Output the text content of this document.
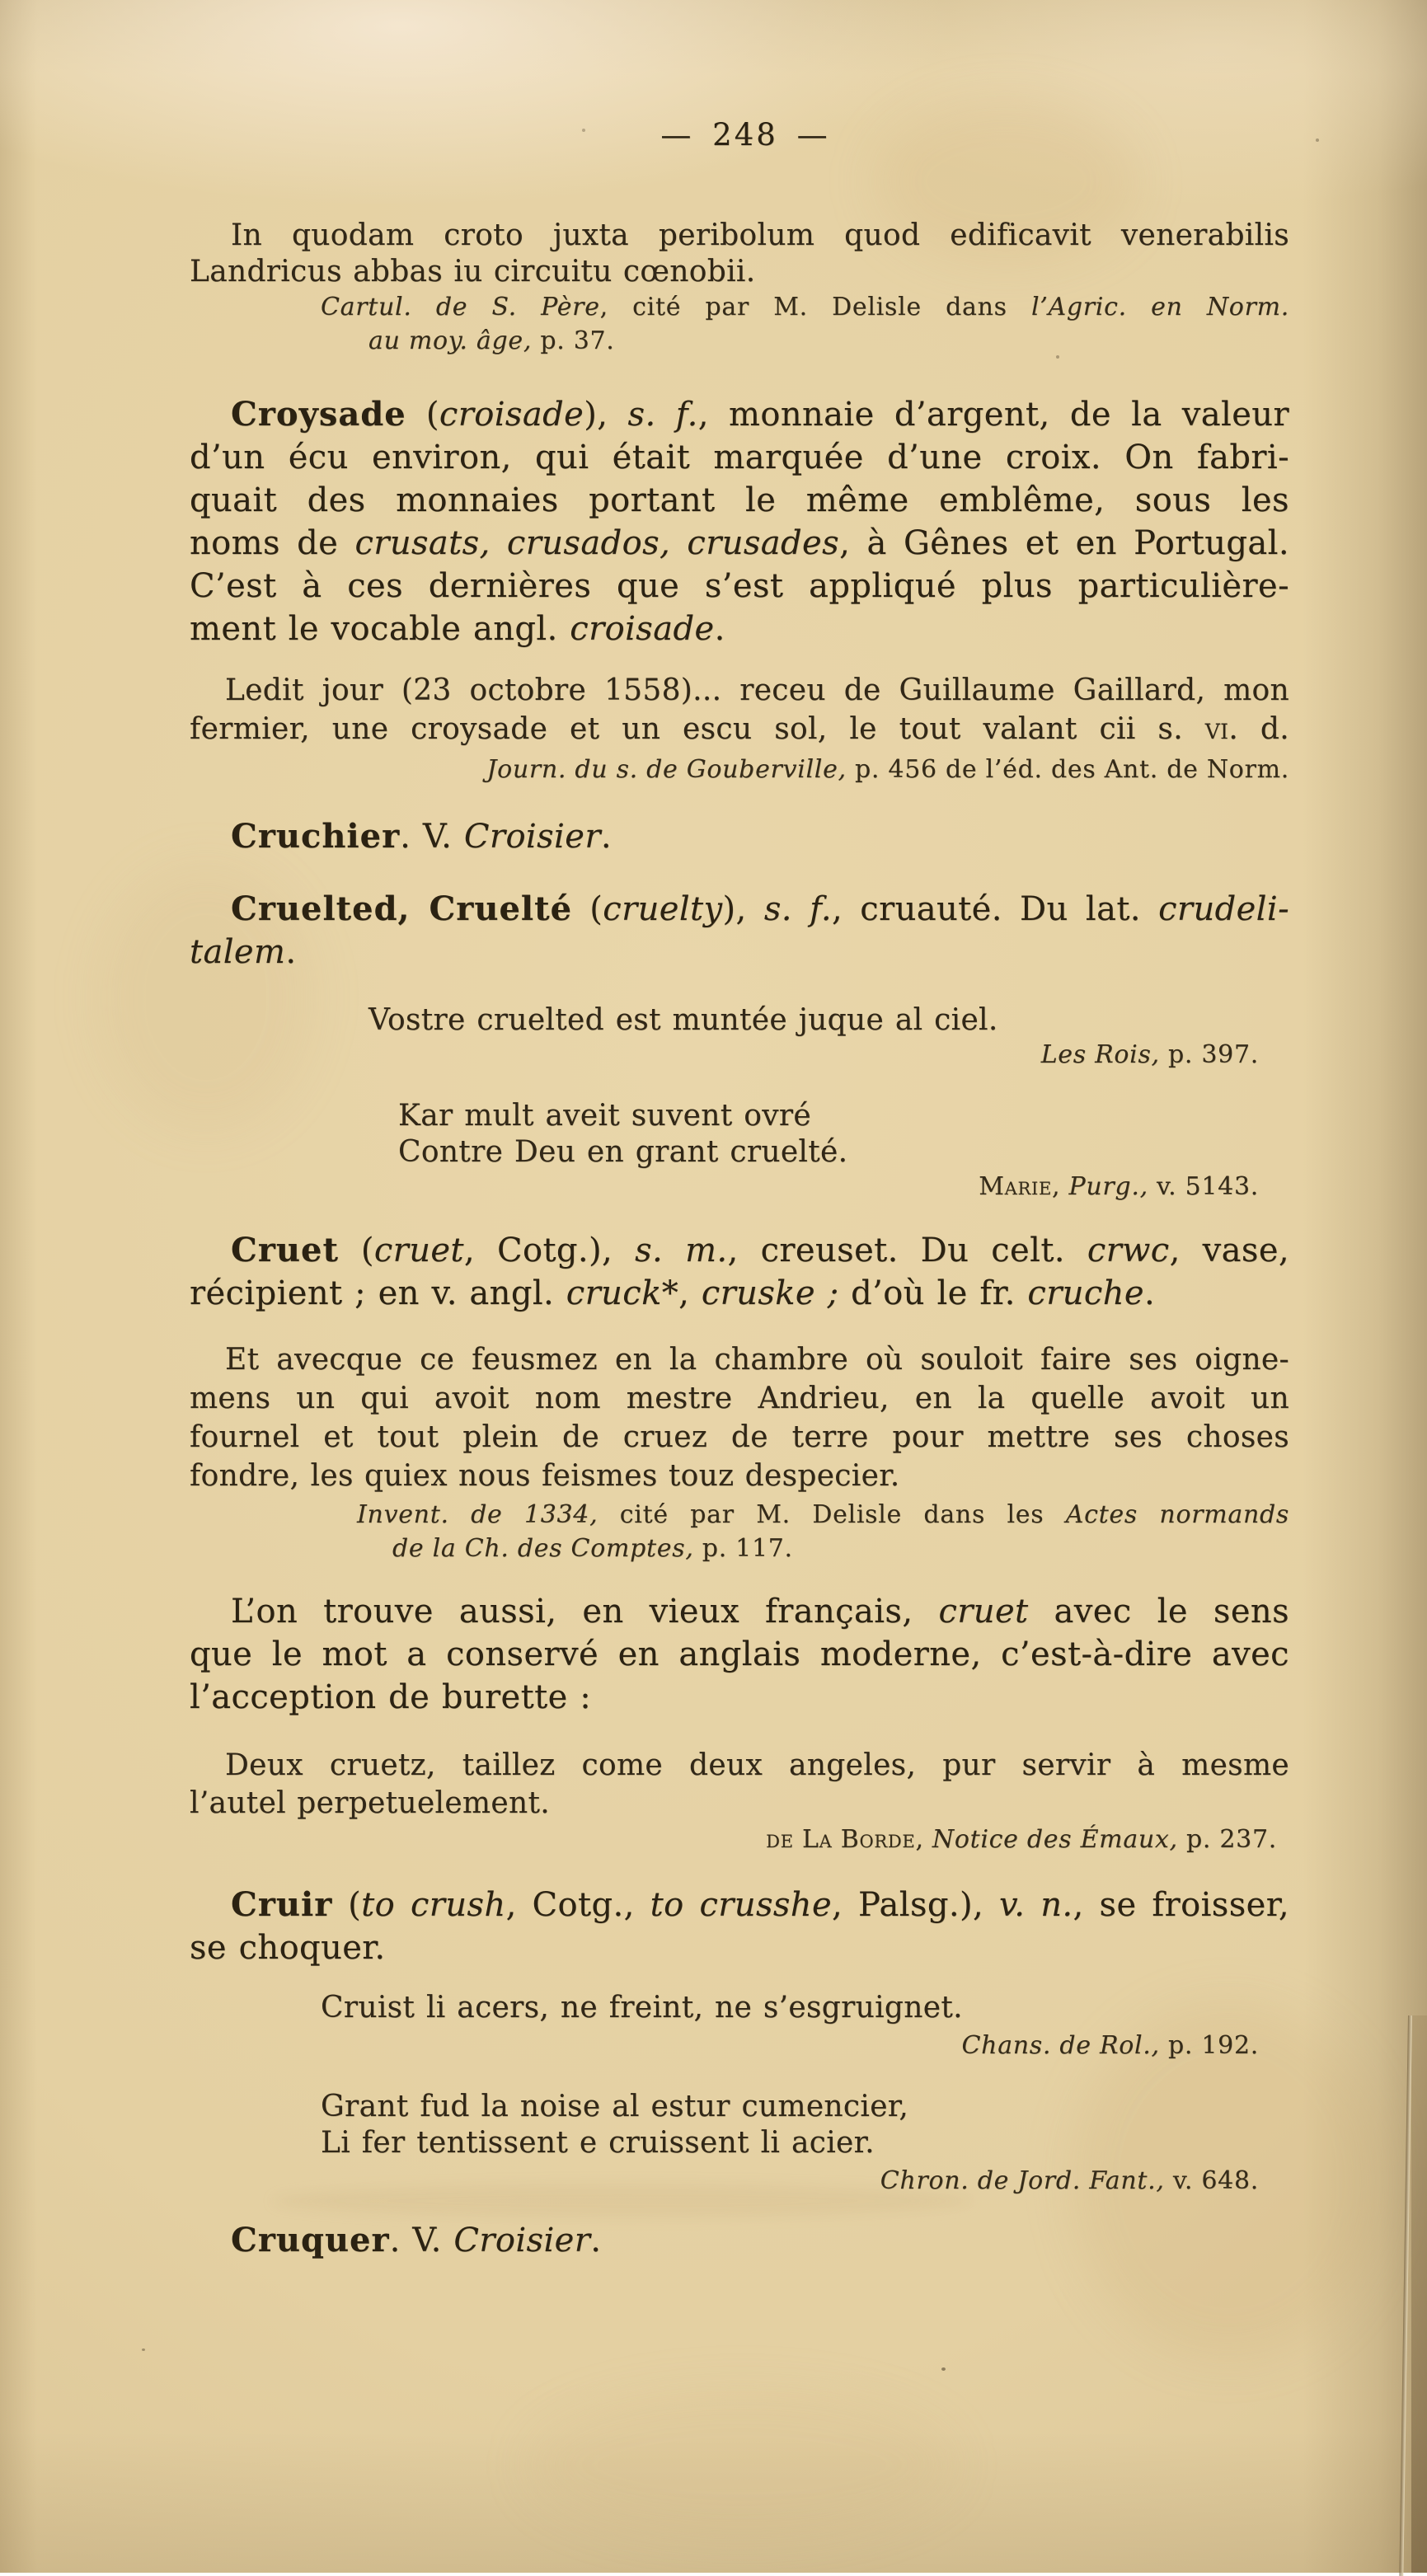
— 248 —
In quodam croto juxta peribolum quod edificavit venerabilis
Landricus abbas iu circuitu cœnobii.
Cartul. de S. Père, cité par M. Delisle dans l’Agric. en Norm.
au moy. âge, p. 37.
Croysade (croisade), s. f., monnaie d’argent, de la valeur
d’un écu environ, qui était marquée d’une croix. On fabri-
quait des monnaies portant le même emblême, sous les
noms de crusats, crusados, crusades, à Gênes et en Portugal.
C’est à ces dernières que s’est appliqué plus particulière-
ment le vocable angl. croisade.
Ledit jour (23 octobre 1558)... receu de Guillaume Gaillard, mon
fermier, une croysade et un escu sol, le tout valant cii s. vi. d.
Journ. du s. de Gouberville, p. 456 de l’éd. des Ant. de Norm.
Cruchier. V. Croisier.
Cruelted, Cruelté (cruelty), s. f., cruauté. Du lat. crudeli-
talem.
Vostre cruelted est muntée juque al ciel.
Les Rois, p. 397.
Kar mult aveit suvent ovré
Contre Deu en grant cruelté.
Marie, Purg., v. 5143.
Cruet (cruet, Cotg.), s. m., creuset. Du celt. crwc, vase,
récipient ; en v. angl. cruck*, cruske ; d’où le fr. cruche.
Et avecque ce feusmez en la chambre où souloit faire ses oigne-
mens un qui avoit nom mestre Andrieu, en la quelle avoit un
fournel et tout plein de cruez de terre pour mettre ses choses
fondre, les quiex nous feismes touz despecier.
Invent. de 1334, cité par M. Delisle dans les Actes normands
de la Ch. des Comptes, p. 117.
L’on trouve aussi, en vieux français, cruet avec le sens
que le mot a conservé en anglais moderne, c’est-à-dire avec
l’acception de burette :
Deux cruetz, taillez come deux angeles, pur servir à mesme
l’autel perpetuelement.
de La Borde, Notice des Émaux, p. 237.
Cruir (to crush, Cotg., to crusshe, Palsg.), v. n., se froisser,
se choquer.
Cruist li acers, ne freint, ne s’esgruignet.
Chans. de Rol., p. 192.
Grant fud la noise al estur cumencier,
Li fer tentissent e cruissent li acier.
Chron. de Jord. Fant., v. 648.
Cruquer. V. Croisier.
